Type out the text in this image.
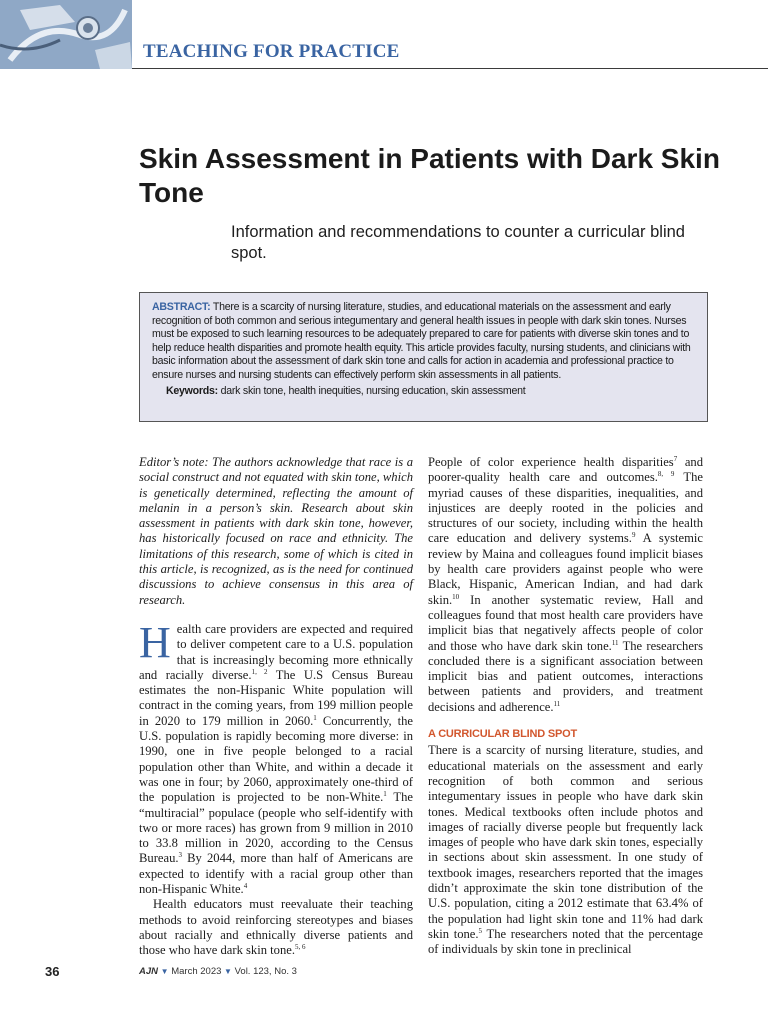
TEACHING FOR PRACTICE
Skin Assessment in Patients with Dark Skin Tone

Information and recommendations to counter a curricular blind spot.

ABSTRACT: There is a scarcity of nursing literature, studies, and educational materials on the assessment and early recognition of both common and serious integumentary and general health issues in people with dark skin tones. Nurses must be exposed to such learning resources to be adequately prepared to care for patients with diverse skin tones and to help reduce health disparities and promote health equity. This article provides faculty, nursing students, and clinicians with basic information about the assessment of dark skin tone and calls for action in academia and professional practice to ensure nurses and nursing students can effectively perform skin assessments in all patients.

Keywords: dark skin tone, health inequities, nursing education, skin assessment

Editor’s note: The authors acknowledge that race is a social construct and not equated with skin tone, which is genetically determined, reflecting the amount of melanin in a person’s skin. Research about skin assessment in patients with dark skin tone, however, has historically focused on race and ethnicity. The limitations of this research, some of which is cited in this article, is recognized, as is the need for continued discussions to achieve consensus in this area of research.

Health care providers are expected and required to deliver competent care to a U.S. population that is increasingly becoming more ethnically and racially diverse.$^{1, 2}$ The U.S Census Bureau estimates the non-Hispanic White population will contract in the coming years, from 199 million people in 2020 to 179 million in 2060.$^1$ Concurrently, the U.S. population is rapidly becoming more diverse: in 1990, one in five people belonged to a racial population other than White, and within a decade it was one in four; by 2060, approximately one-third of the population is projected to be non-White.$^1$ The “multiracial” populace (people who self-identify with two or more races) has grown from 9 million in 2010 to 33.8 million in 2020, according to the Census Bureau.$^3$ By 2044, more than half of Americans are expected to identify with a racial group other than non-Hispanic White.$^4$

Health educators must reevaluate their teaching methods to avoid reinforcing stereotypes and biases about racially and ethnically diverse patients and those who have dark skin tone.$^{5, 6}$

People of color experience health disparities$^7$ and poorer-quality health care and outcomes.$^{8, 9}$ The myriad causes of these disparities, inequalities, and injustices are deeply rooted in the policies and structures of our society, including within the health care education and delivery systems.$^9$ A systemic review by Maina and colleagues found implicit biases by health care providers against people who were Black, Hispanic, American Indian, and had dark skin.$^{10}$ In another systematic review, Hall and colleagues found that most health care providers have implicit bias that negatively affects people of color and those who have dark skin tone.$^{11}$ The researchers concluded there is a significant association between implicit bias and patient outcomes, interactions between patients and providers, and treatment decisions and adherence.$^{11}$

A CURRICULAR BLIND SPOT

There is a scarcity of nursing literature, studies, and educational materials on the assessment and early recognition of both common and serious integumentary issues in people who have dark skin tones. Medical textbooks often include photos and images of racially diverse people but frequently lack images of people who have dark skin tones, especially in sections about skin assessment. In one study of textbook images, researchers reported that the images didn’t approximate the skin tone distribution of the U.S. population, citing a 2012 estimate that 63.4% of the population had light skin tone and 11% had dark skin tone.$^5$ The researchers noted that the percentage of individuals by skin tone in preclinical

36	AJN ▼ March 2023 ▼ Vol. 123, No. 3
